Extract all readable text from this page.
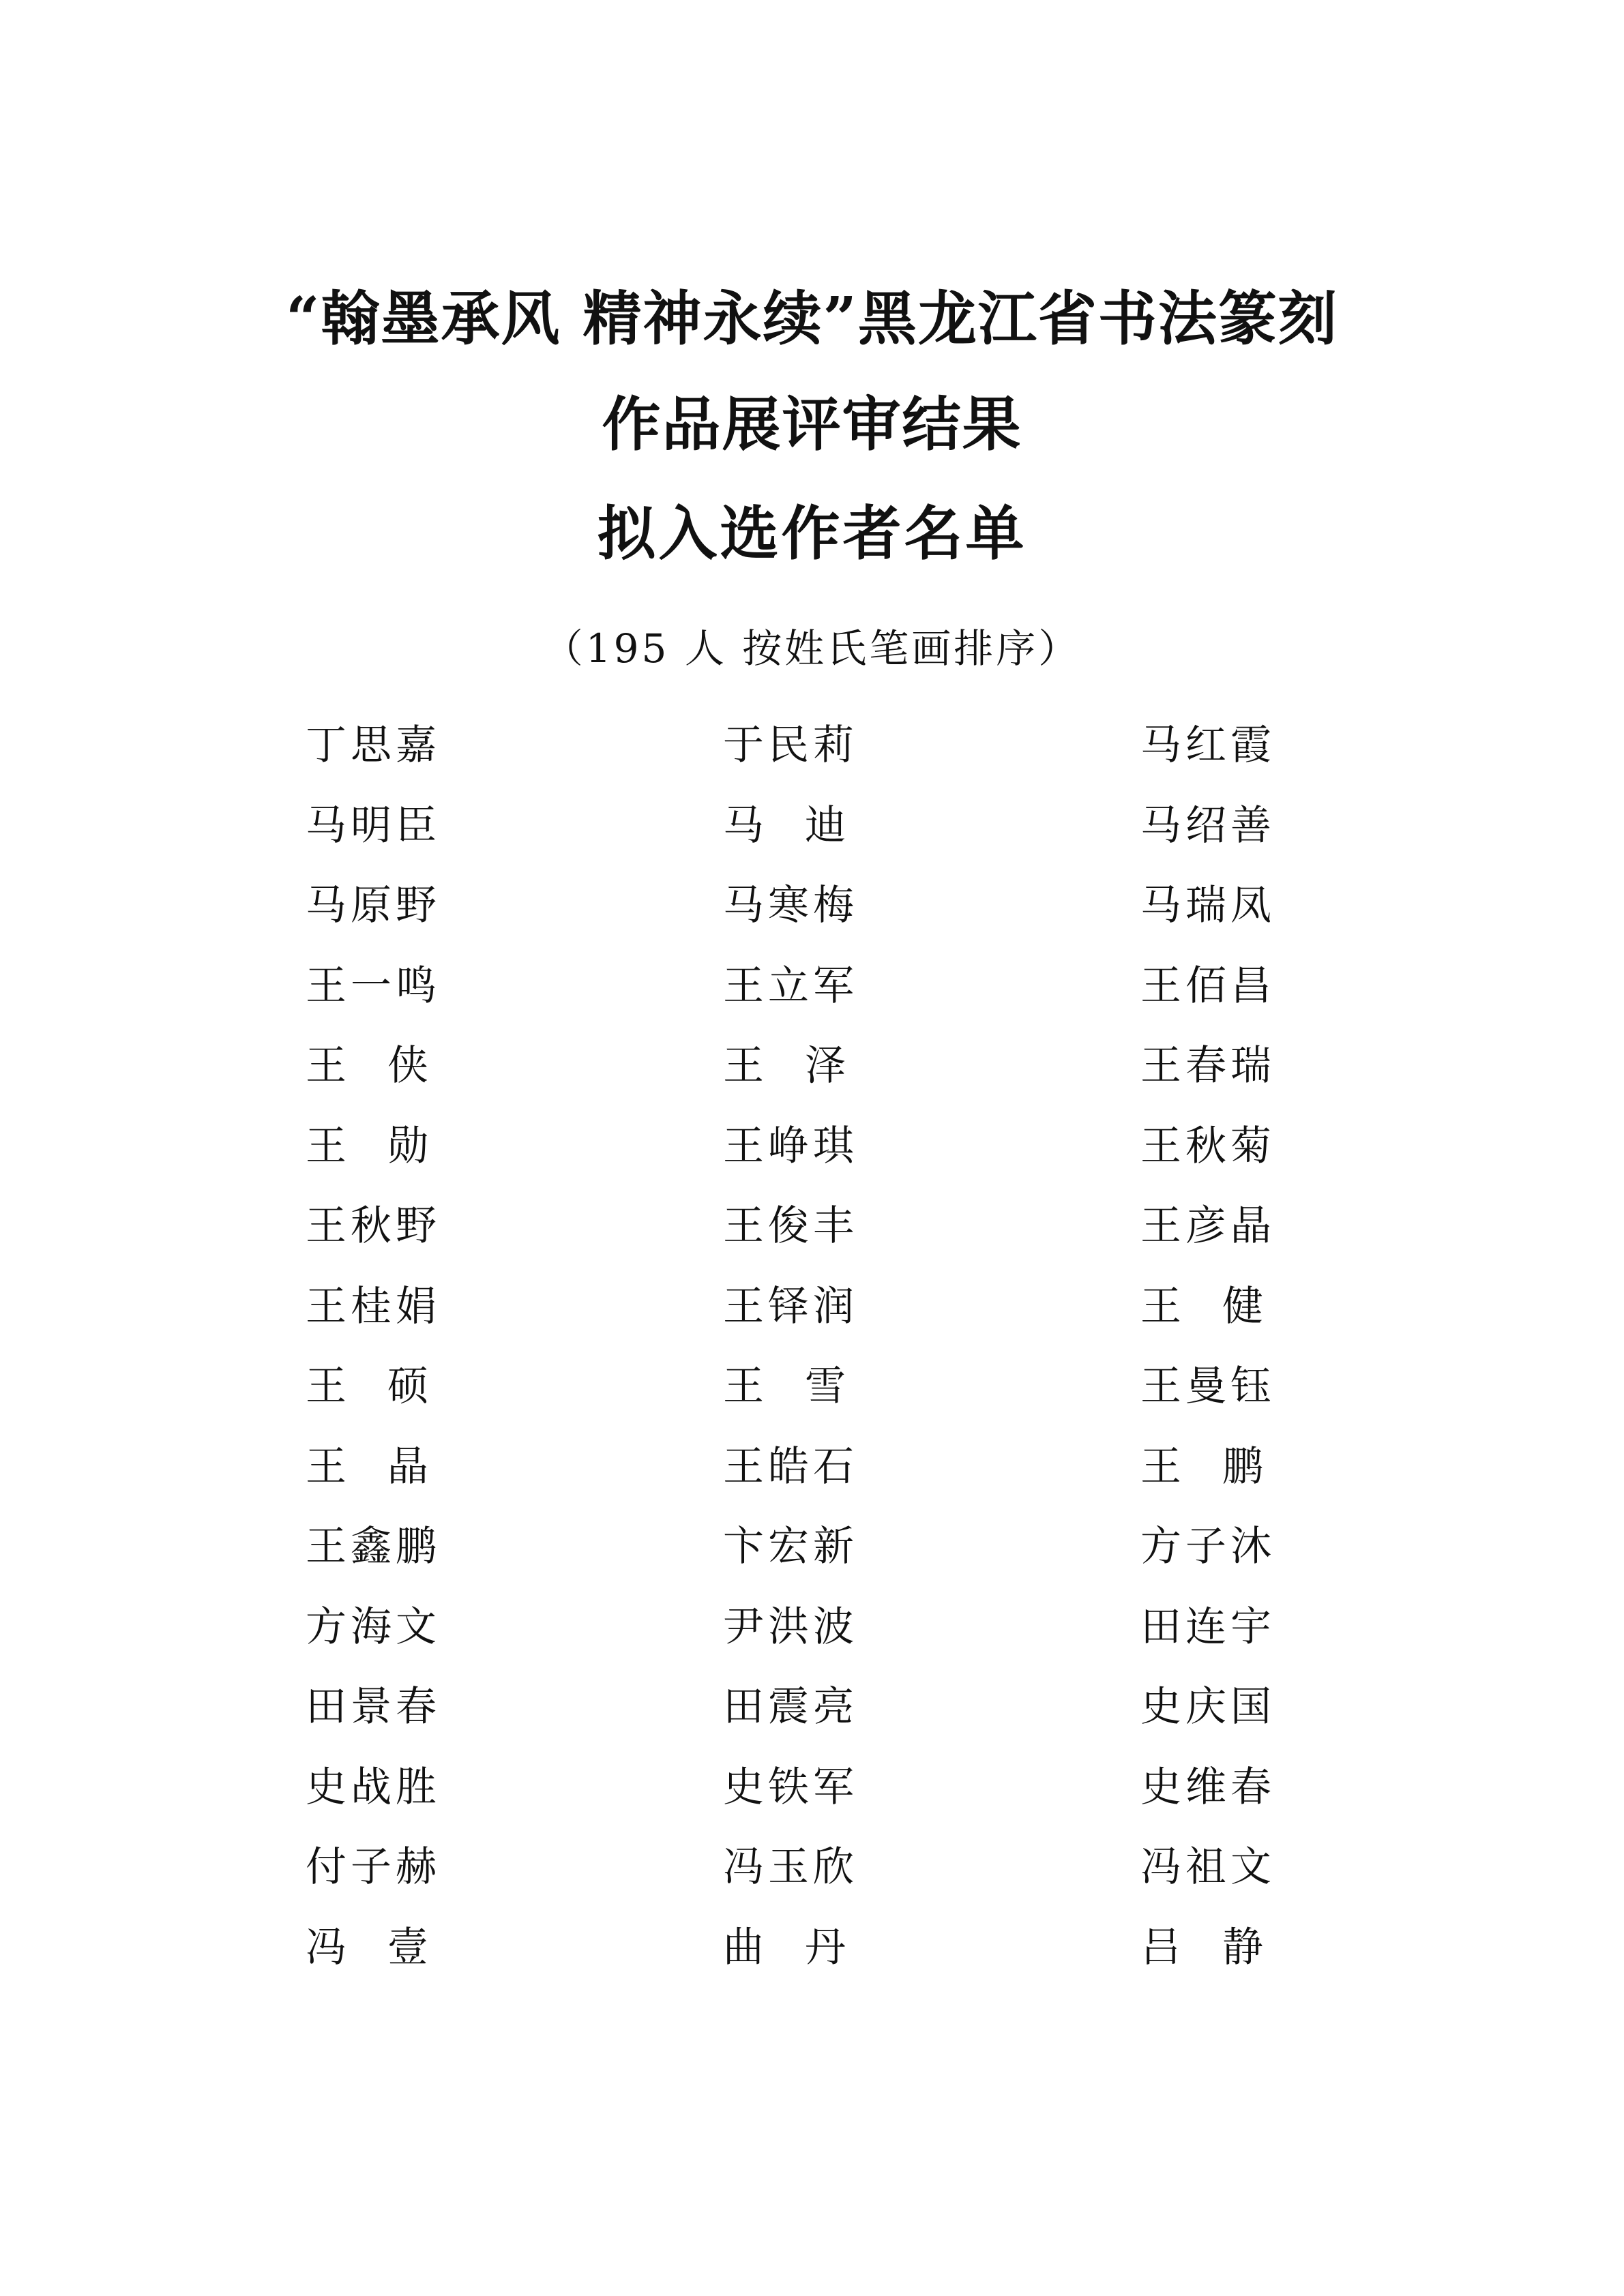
“翰墨承风 精神永续”黑龙江省书法篆刻
作品展评审结果
拟入选作者名单
（195 人 按姓氏笔画排序）
丁思嘉	于民莉	马红霞
马明臣	马 迪	马绍善
马原野	马寒梅	马瑞凤
王一鸣	王立军	王佰昌
王 侠	王 泽	王春瑞
王 勋	王峥琪	王秋菊
王秋野	王俊丰	王彦晶
王桂娟	王铎润	王 健
王 硕	王 雪	王曼钰
王 晶	王皓石	王 鹏
王鑫鹏	卞宏新	方子沐
方海文	尹洪波	田连宇
田景春	田震亮	史庆国
史战胜	史铁军	史维春
付子赫	冯玉欣	冯祖文
冯 壹	曲 丹	吕 静
